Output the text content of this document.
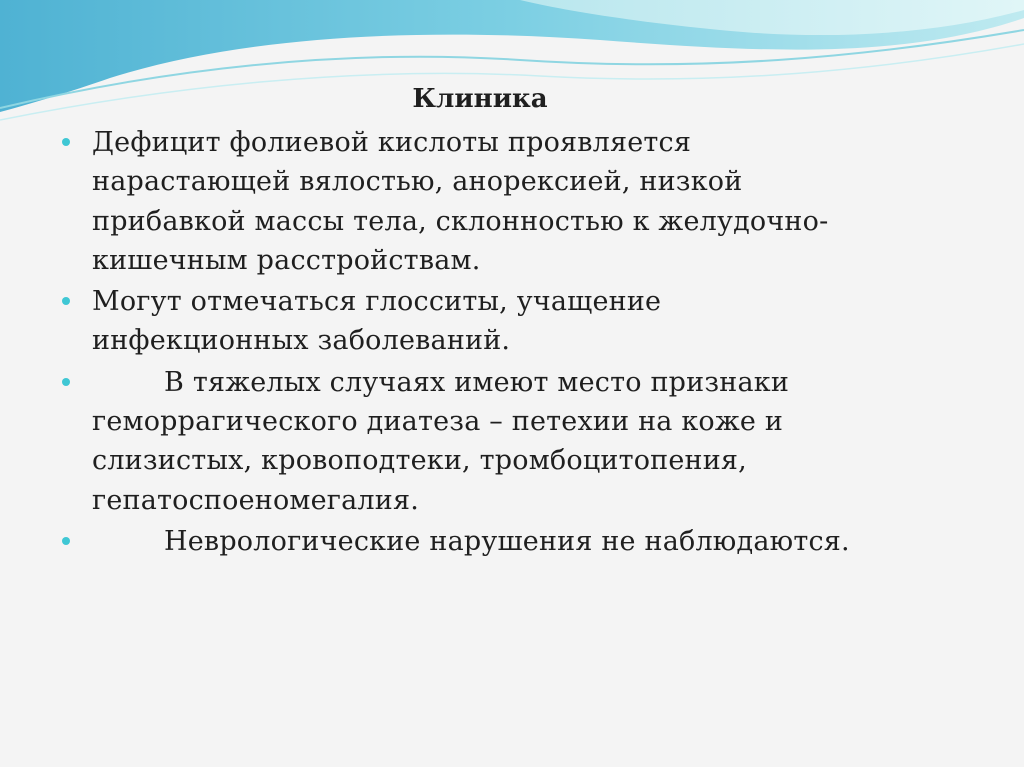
Клиника
Дефицит фолиевой кислоты проявляется
нарастающей вялостью, анорексией, низкой
прибавкой массы тела, склонностью к желудочно-
кишечным расстройствам.
Могут отмечаться глосситы, учащение
инфекционных заболеваний.
В тяжелых случаях имеют место признаки
геморрагического диатеза – петехии на коже и
слизистых, кровоподтеки, тромбоцитопения,
гепатоспоеномегалия.
Неврологические нарушения не наблюдаются.
